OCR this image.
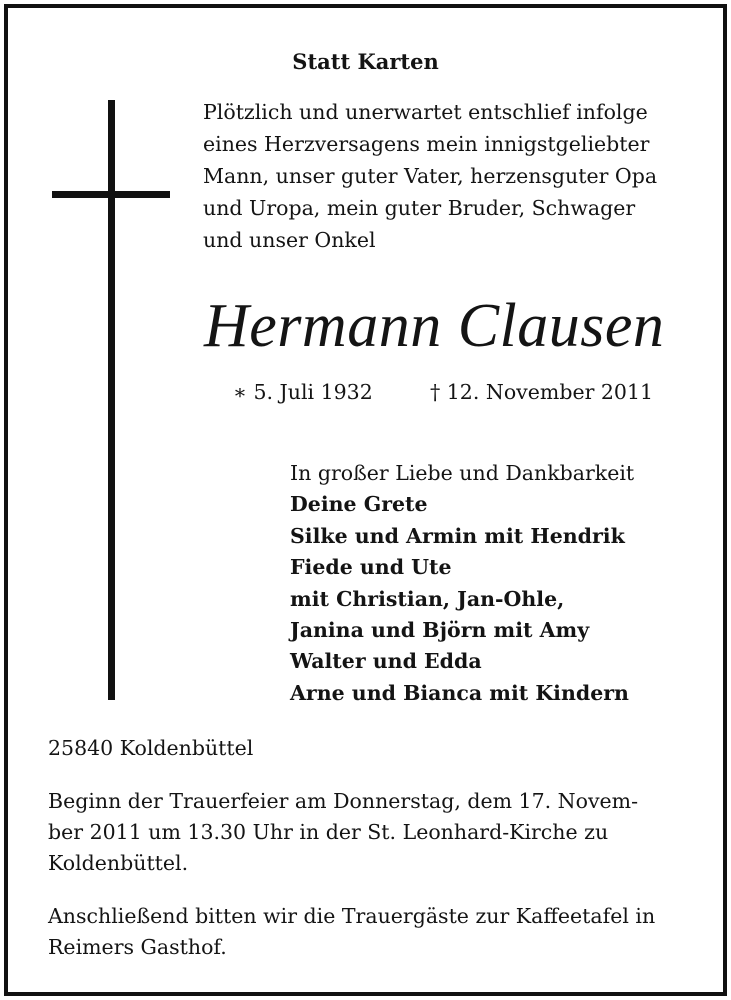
Statt Karten
Plötzlich und unerwartet entschlief infolge
eines Herzversagens mein innigstgeliebter
Mann, unser guter Vater, herzensguter Opa
und Uropa, mein guter Bruder, Schwager
und unser Onkel
Hermann Clausen
∗ 5. Juli 1932	† 12. November 2011
In großer Liebe und Dankbarkeit
Deine Grete
Silke und Armin mit Hendrik
Fiede und Ute
mit Christian, Jan-Ohle,
Janina und Björn mit Amy
Walter und Edda
Arne und Bianca mit Kindern
25840 Koldenbüttel
Beginn der Trauerfeier am Donnerstag, dem 17. Novem-
ber 2011 um 13.30 Uhr in der St. Leonhard-Kirche zu
Koldenbüttel.
Anschließend bitten wir die Trauergäste zur Kaffeetafel in
Reimers Gasthof.
